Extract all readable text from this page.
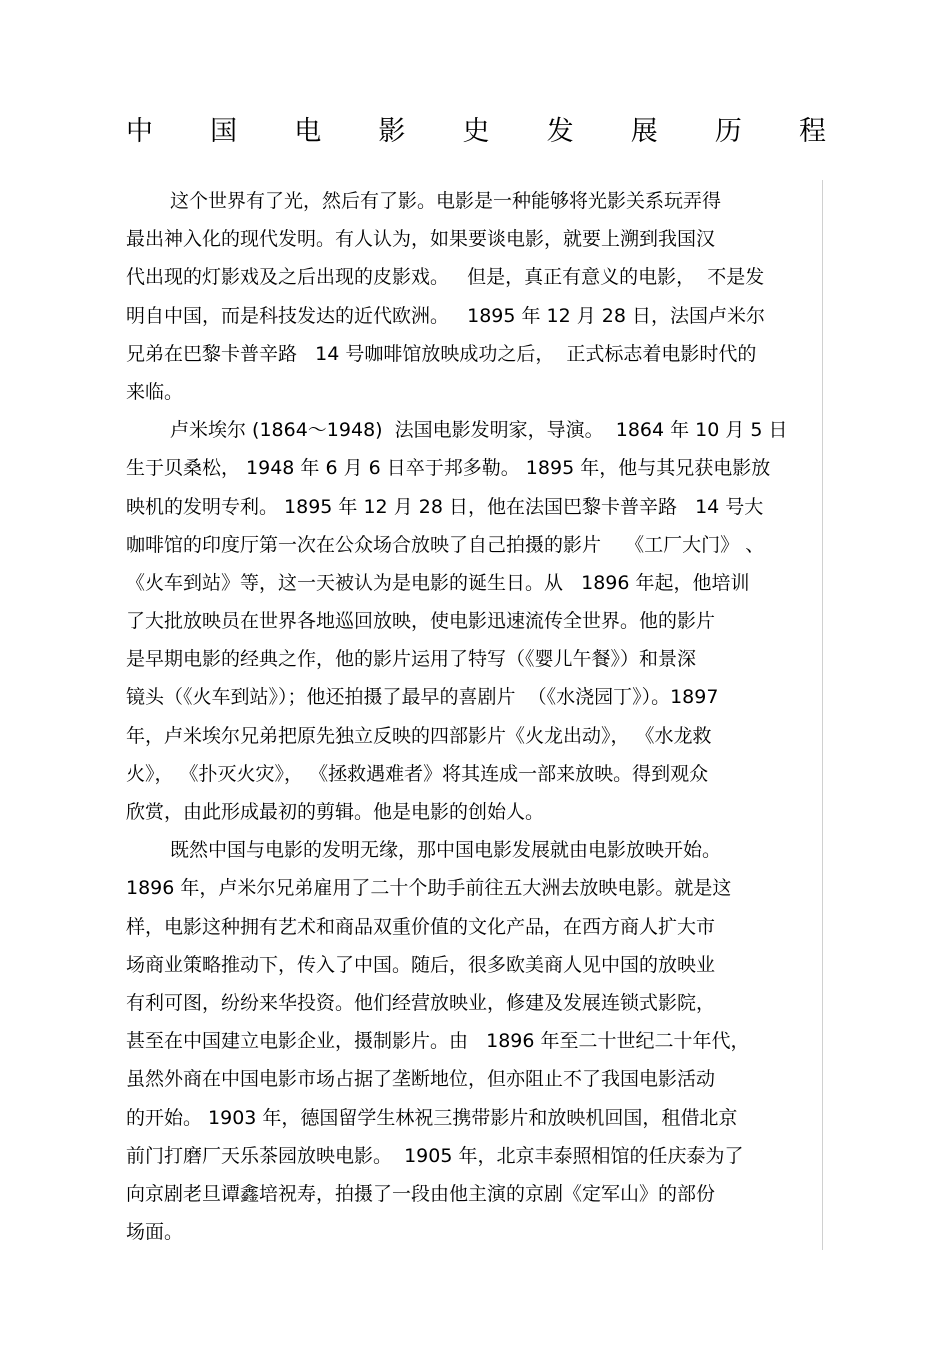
中 国 电 影 史 发 展 历 程
这个世界有了光，然后有了影。电影是一种能够将光影关系玩弄得
最出神入化的现代发明。有人认为，如果要谈电影，就要上溯到我国汉
代出现的灯影戏及之后出现的皮影戏。   但是，真正有意义的电影，  不是发
明自中国，而是科技发达的近代欧洲。   1895 年 12 月 28 日，法国卢米尔
兄弟在巴黎卡普辛路   14 号咖啡馆放映成功之后，  正式标志着电影时代的
来临。
卢米埃尔 (1864～1948)  法国电影发明家，导演。  1864 年 10 月 5 日
生于贝桑松， 1948 年 6 月 6 日卒于邦多勒。 1895 年，他与其兄获电影放
映机的发明专利。 1895 年 12 月 28 日，他在法国巴黎卡普辛路   14 号大
咖啡馆的印度厅第一次在公众场合放映了自己拍摄的影片    《工厂大门》 、
《火车到站》等，这一天被认为是电影的诞生日。从   1896 年起，他培训
了大批放映员在世界各地巡回放映，使电影迅速流传全世界。他的影片
是早期电影的经典之作，他的影片运用了特写（《婴儿午餐》）和景深
镜头（《火车到站》）；他还拍摄了最早的喜剧片  （《水浇园丁》）。1897
年，卢米埃尔兄弟把原先独立反映的四部影片《火龙出动》， 《水龙救
火》， 《扑灭火灾》， 《拯救遇难者》将其连成一部来放映。得到观众
欣赏，由此形成最初的剪辑。他是电影的创始人。
既然中国与电影的发明无缘，那中国电影发展就由电影放映开始。
1896 年，卢米尔兄弟雇用了二十个助手前往五大洲去放映电影。就是这
样，电影这种拥有艺术和商品双重价值的文化产品，在西方商人扩大市
场商业策略推动下，传入了中国。随后，很多欧美商人见中国的放映业
有利可图，纷纷来华投资。他们经营放映业，修建及发展连锁式影院，
甚至在中国建立电影企业，摄制影片。由   1896 年至二十世纪二十年代，
虽然外商在中国电影市场占据了垄断地位，但亦阻止不了我国电影活动
的开始。 1903 年，德国留学生林祝三携带影片和放映机回国，租借北京
前门打磨厂天乐茶园放映电影。  1905 年，北京丰泰照相馆的任庆泰为了
向京剧老旦谭鑫培祝寿，拍摄了一段由他主演的京剧《定军山》的部份
场面。
